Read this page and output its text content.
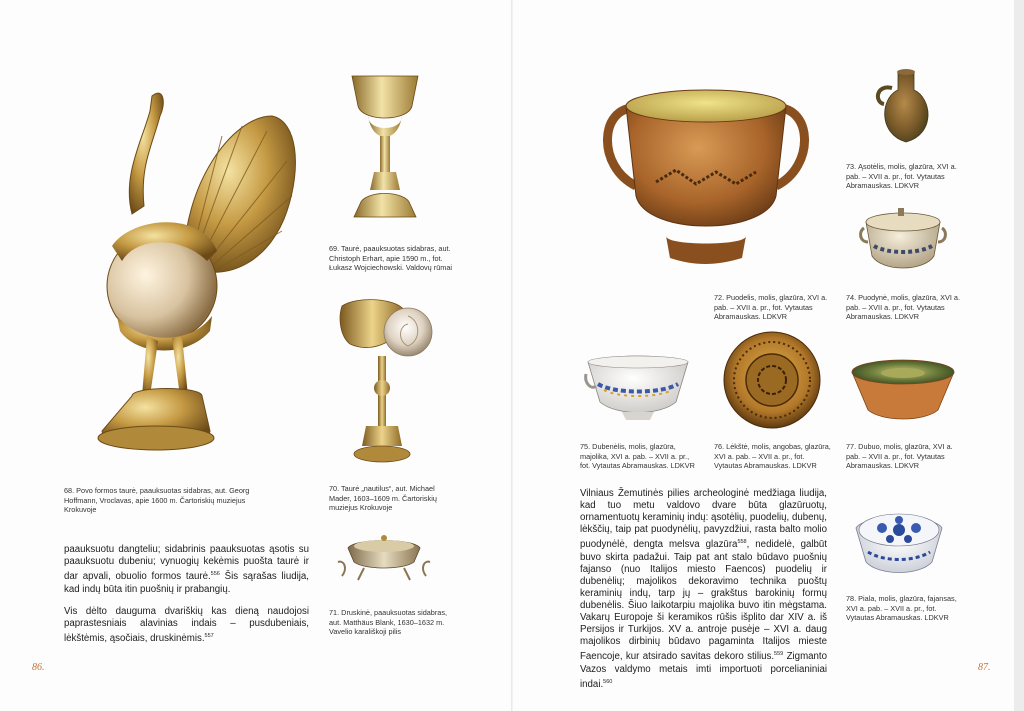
69. Taurė, paauksuotas sidabras, aut. Christoph Erhart, apie 1590 m., fot. Łukasz Wojciechowski. Valdovų rūmai
68. Povo formos taurė, paauksuotas sidabras, aut. Georg Hoffmann, Vroclavas, apie 1600 m. Čartoriskių muziejus Krokuvoje
70. Taurė „nautilus“, aut. Michael Mader, 1603–1609 m. Čartoriskių muziejus Krokuvoje
71. Druskinė, paauksuotas sidabras, aut. Matthäus Blank, 1630–1632 m. Vavelio karališkoji pilis

paauksuotu dangteliu; sidabrinis paauksuotas ąsotis su paauksuotu dubeniu; vynuogių kekėmis puošta taurė ir dar apvali, obuolio formos taurė.$^{556}$ Šis sąrašas liudija, kad indų būta itin puošnių ir prabangių.

Vis dėlto dauguma dvariškių kas dieną naudojosi paprastesniais alavinias indais – pusdubeniais, lėkštėmis, ąsočiais, druskinėmis.$^{557}$

86.
72. Puodelis, molis, glazūra, XVI a. pab. – XVII a. pr., fot. Vytautas Abramauskas. LDKVR
73. Ąsotėlis, molis, glazūra, XVI a. pab. – XVII a. pr., fot. Vytautas Abramauskas. LDKVR
74. Puodynė, molis, glazūra, XVI a. pab. – XVII a. pr., fot. Vytautas Abramauskas. LDKVR
75. Dubenėlis, molis, glazūra, majolika, XVI a. pab. – XVII a. pr., fot. Vytautas Abramauskas. LDKVR
76. Lėkštė, molis, angobas, glazūra, XVI a. pab. – XVII a. pr., fot. Vytautas Abramauskas. LDKVR
77. Dubuo, molis, glazūra, XVI a. pab. – XVII a. pr., fot. Vytautas Abramauskas. LDKVR

Vilniaus Žemutinės pilies archeologinė medžiaga liudija, kad tuo metu valdovo dvare būta glazūruotų, ornamentuotų keraminių indų: ąsotėlių, puodelių, dubenų, lėkščių, taip pat puodynėlių, pavyzdžiui, rasta balto molio puodynėlė, dengta melsva glazūra$^{558}$, nedidelė, galbūt buvo skirta padažui. Taip pat ant stalo būdavo puošnių fajanso (nuo Italijos miesto Faencos) puodelių ir dubenėlių; majolikos dekoravimo technika puoštų keraminių indų, tarp jų – grakštus barokinių formų dubenėlis. Šiuo laikotarpiu majolika buvo itin mėgstama. Vakarų Europoje ši keramikos rūšis išplito dar XIV a. iš Persijos ir Turkijos. XV a. antroje pusėje – XVI a. daug majolikos dirbinių būdavo pagaminta Italijos mieste Faencoje, kur atsirado savitas dekoro stilius.$^{559}$ Zigmanto Vazos valdymo metais imti importuoti porcelianiniai indai.$^{560}$

78. Piala, molis, glazūra, fajansas, XVI a. pab. – XVII a. pr., fot. Vytautas Abramauskas. LDKVR
87.
